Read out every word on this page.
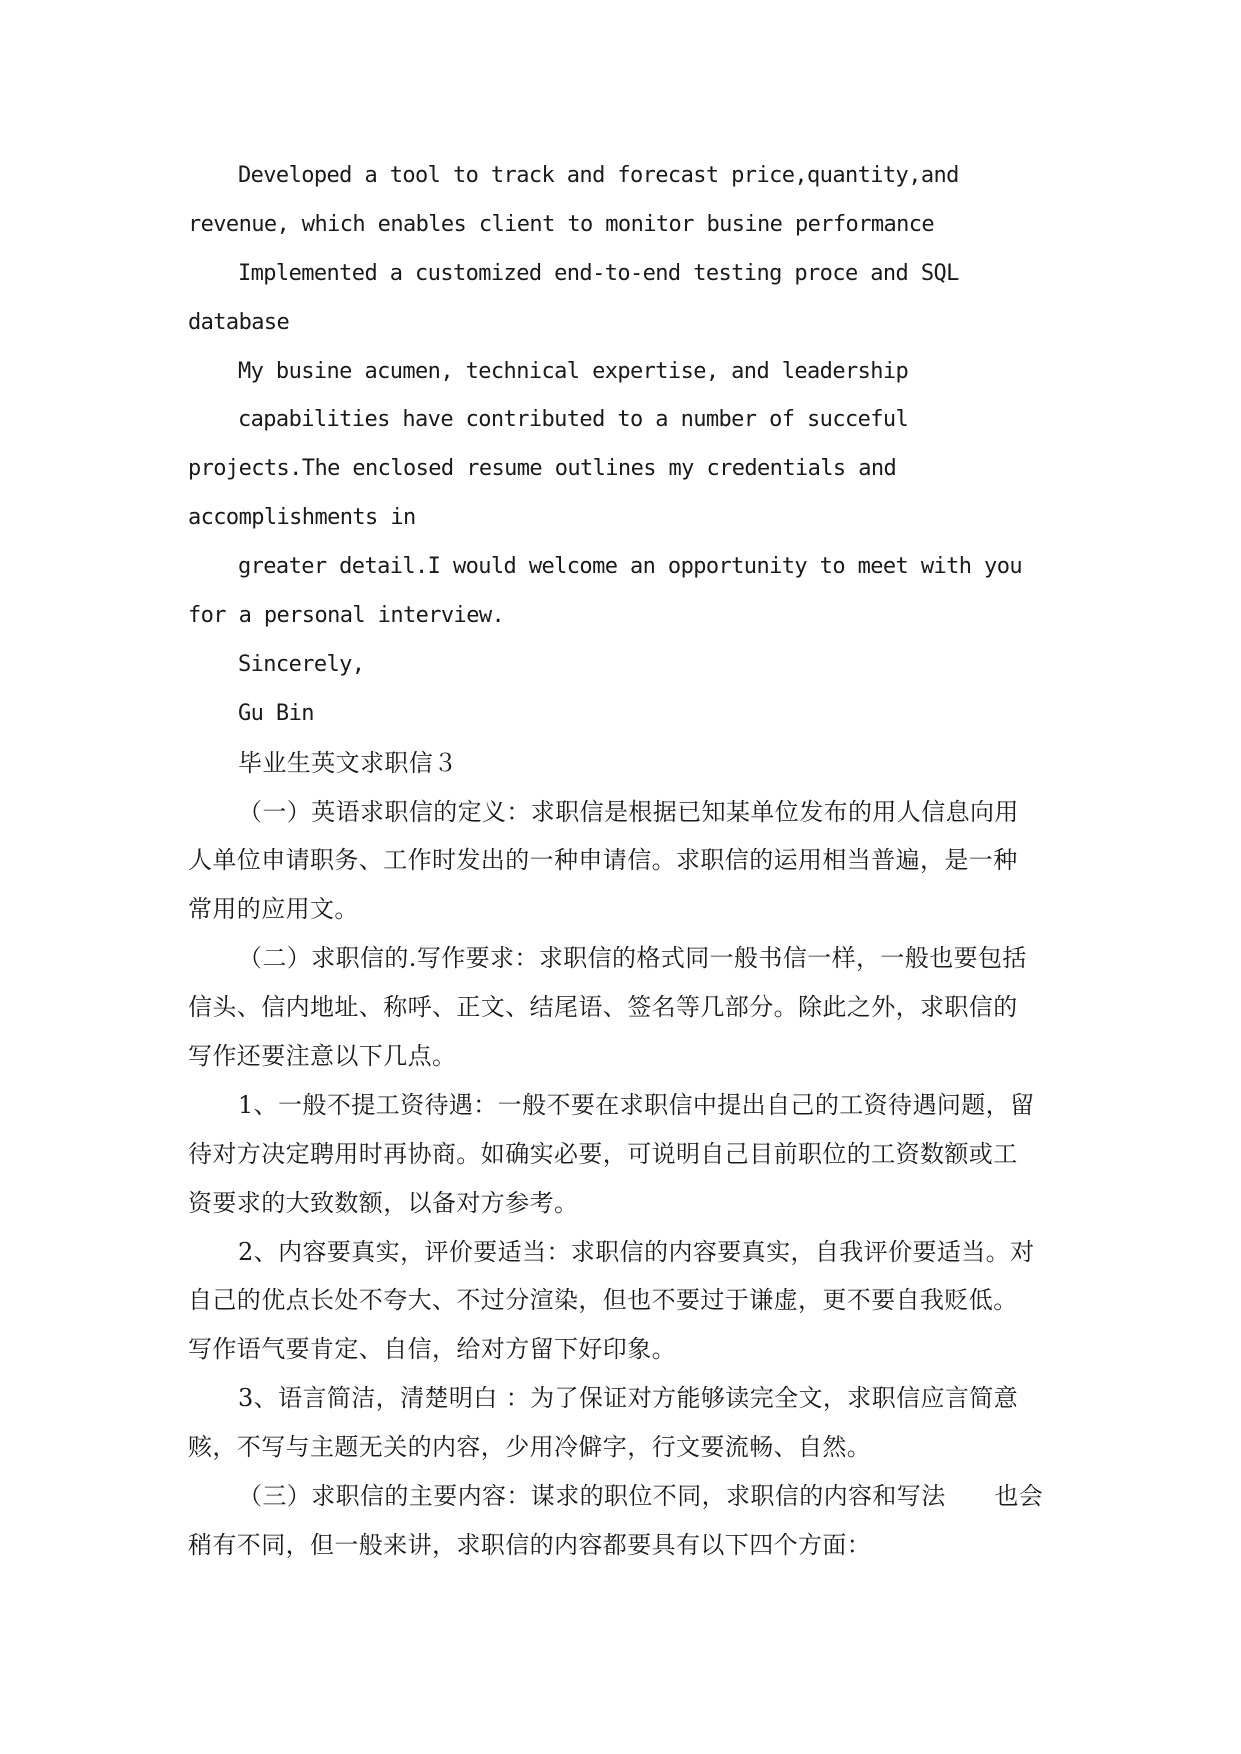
Developed a tool to track and forecast price,quantity,and
revenue, which enables client to monitor busine performance
Implemented a customized end-to-end testing proce and SQL
database
My busine acumen, technical expertise, and leadership
capabilities have contributed to a number of succeful
projects.The enclosed resume outlines my credentials and
accomplishments in
greater detail.I would welcome an opportunity to meet with you
for a personal interview.
Sincerely,
Gu Bin
毕业生英文求职信３
（一）英语求职信的定义：求职信是根据已知某单位发布的用人信息向用
人单位申请职务、工作时发出的一种申请信。求职信的运用相当普遍，是一种
常用的应用文。
（二）求职信的.写作要求：求职信的格式同一般书信一样，一般也要包括
信头、信内地址、称呼、正文、结尾语、签名等几部分。除此之外，求职信的
写作还要注意以下几点。
1、一般不提工资待遇：一般不要在求职信中提出自己的工资待遇问题，留
待对方决定聘用时再协商。如确实必要，可说明自己目前职位的工资数额或工
资要求的大致数额，以备对方参考。
2、内容要真实，评价要适当：求职信的内容要真实，自我评价要适当。对
自己的优点长处不夸大、不过分渲染，但也不要过于谦虚，更不要自我贬低。
写作语气要肯定、自信，给对方留下好印象。
3、语言简洁，清楚明白 ：为了保证对方能够读完全文，求职信应言简意
赅，不写与主题无关的内容，少用冷僻字，行文要流畅、自然。
（三）求职信的主要内容：谋求的职位不同，求职信的内容和写法　　也会
稍有不同，但一般来讲，求职信的内容都要具有以下四个方面：
